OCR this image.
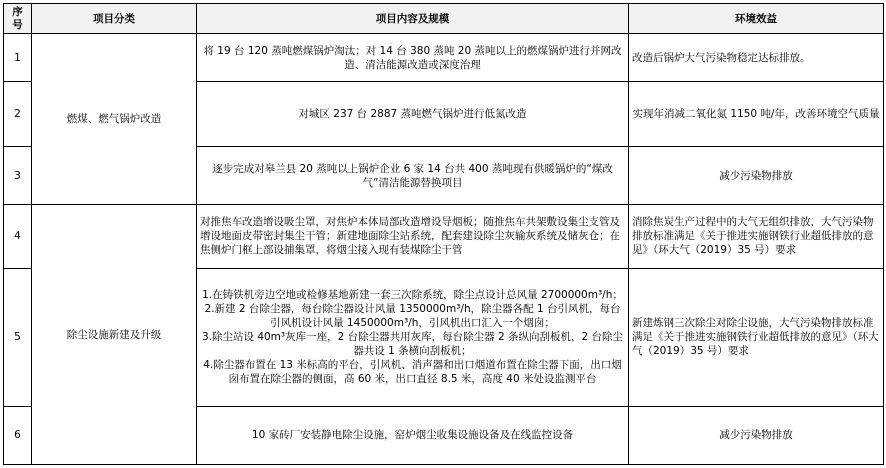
序号	项目分类	项目内容及规模	环境效益
1	燃煤、燃气锅炉改造	将 19 台 120 蒸吨燃煤锅炉淘汰；对 14 台 380 蒸吨 20 蒸吨以上的燃煤锅炉进行并网改造、清洁能源改造或深度治理	改造后锅炉大气污染物稳定达标排放。
2		对城区 237 台 2887 蒸吨燃气锅炉进行低氮改造	实现年消减二氧化氮 1150 吨/年，改善环境空气质量
3		逐步完成对皋兰县 20 蒸吨以上锅炉企业 6 家 14 台共 400 蒸吨现有供暖锅炉的“煤改气”清洁能源替换项目	减少污染物排放
4	除尘设施新建及升级	对推焦车改造增设吸尘罩，对焦炉本体局部改造增设导烟板；随推焦车共架敷设集尘支管及增设地面皮带密封集尘干管；新建地面除尘站系统，配套建设除尘灰输灰系统及储灰仓；在焦侧炉门框上部设捕集罩，将烟尘接入现有装煤除尘干管	消除焦炭生产过程中的大气无组织排放，大气污染物排放标准满足《关于推进实施钢铁行业超低排放的意见》（环大气（2019）35 号）要求
5		1.在铸铁机旁边空地或检修基地新建一套三次除系统，除尘点设计总风量 2700000m³/h；
2.新建 2 台除尘器，每台除尘器设计风量 1350000m³/h，除尘器各配 1 台引风机，每台引风机设计风量 1450000m³/h，引风机出口汇入一个烟囱；
3.除尘站设 40m³灰库一座，2 台除尘器共用灰库，每台除尘器 2 条纵向刮板机，2 台除尘器共设 1 条横向刮板机；
4.除尘器布置在 13 米标高的平台，引风机、消声器和出口烟道布置在除尘器下面，出口烟囱布置在除尘器的侧面，高 60 米，出口直径 8.5 米，高度 40 米处设监测平台	新建炼钢三次除尘对除尘设施，大气污染物排放标准满足《关于推进实施钢铁行业超低排放的意见》（环大气（2019）35 号）要求
6		10 家砖厂安装静电除尘设施，窑炉烟尘收集设施设备及在线监控设备	减少污染物排放
